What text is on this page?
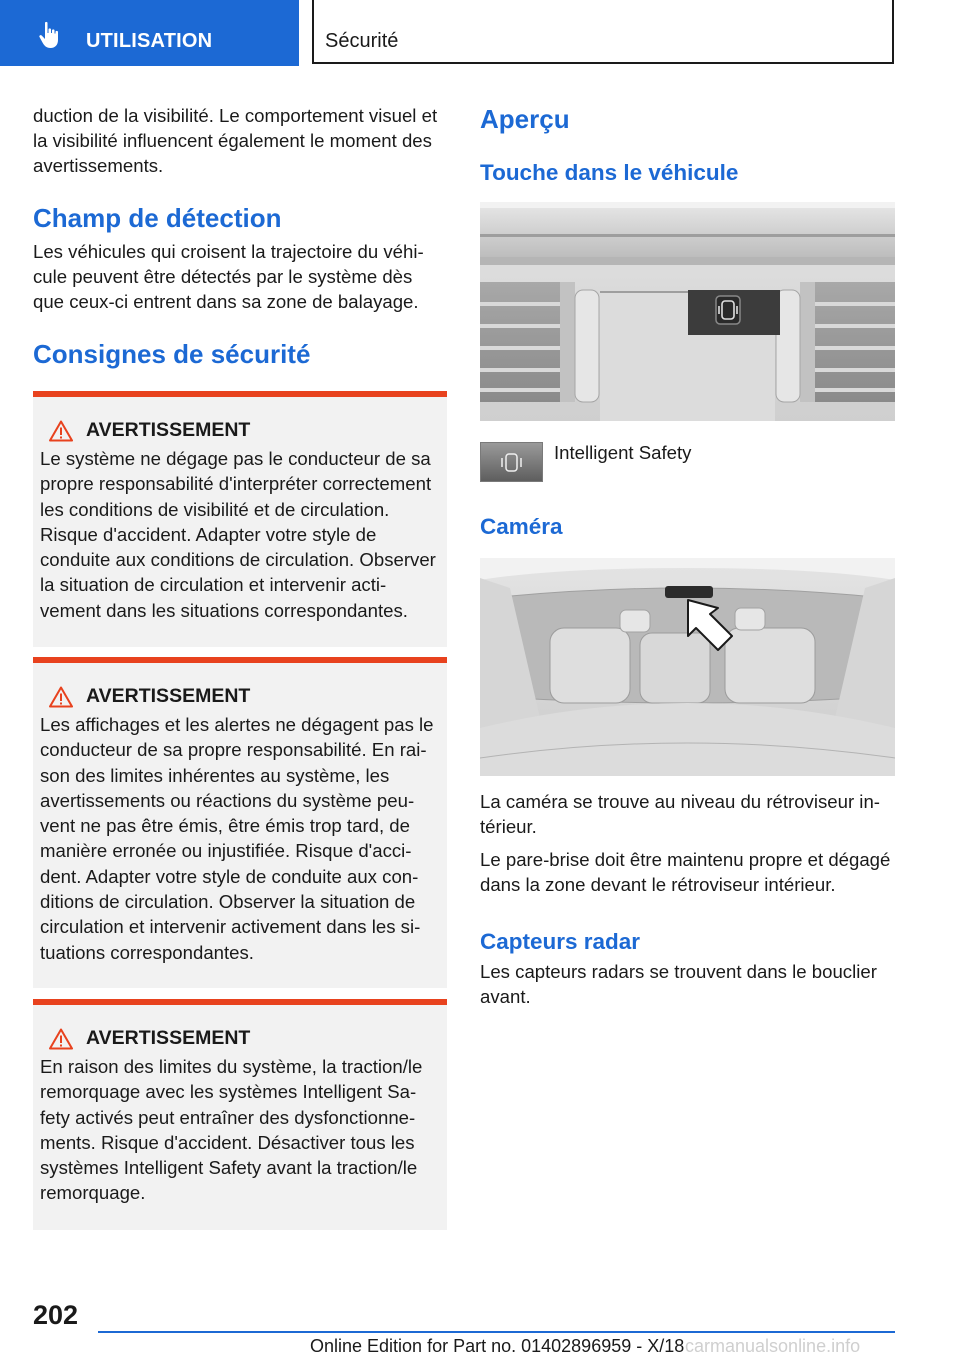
UTILISATION	Sécurité

duction de la visibilité. Le comportement visuel et la visibilité influencent également le moment des avertissements.

Champ de détection

Les véhicules qui croisent la trajectoire du véhicule peuvent être détectés par le système dès que ceux-ci entrent dans sa zone de balayage.

Consignes de sécurité
AVERTISSEMENT

Le système ne dégage pas le conducteur de sa propre responsabilité d'interpréter correctement les conditions de visibilité et de circulation. Risque d'accident. Adapter votre style de conduite aux conditions de circulation. Observer la situation de circulation et intervenir activement dans les situations correspondantes.

AVERTISSEMENT

Les affichages et les alertes ne dégagent pas le conducteur de sa propre responsabilité. En raison des limites inhérentes au système, les avertissements ou réactions du système peuvent ne pas être émis, être émis trop tard, de manière erronée ou injustifiée. Risque d'accident. Adapter votre style de conduite aux conditions de circulation. Observer la situation de circulation et intervenir activement dans les situations correspondantes.

AVERTISSEMENT

En raison des limites du système, la traction/le remorquage avec les systèmes Intelligent Safety activés peut entraîner des dysfonctionnements. Risque d'accident. Désactiver tous les systèmes Intelligent Safety avant la traction/le remorquage.

Aperçu
Touche dans le véhicule
Intelligent Safety
Caméra

La caméra se trouve au niveau du rétroviseur intérieur.

Le pare-brise doit être maintenu propre et dégagé dans la zone devant le rétroviseur intérieur.

Capteurs radar

Les capteurs radars se trouvent dans le bouclier avant.

202
Online Edition for Part no. 01402896959 - X/18 carmanualsonline.info
